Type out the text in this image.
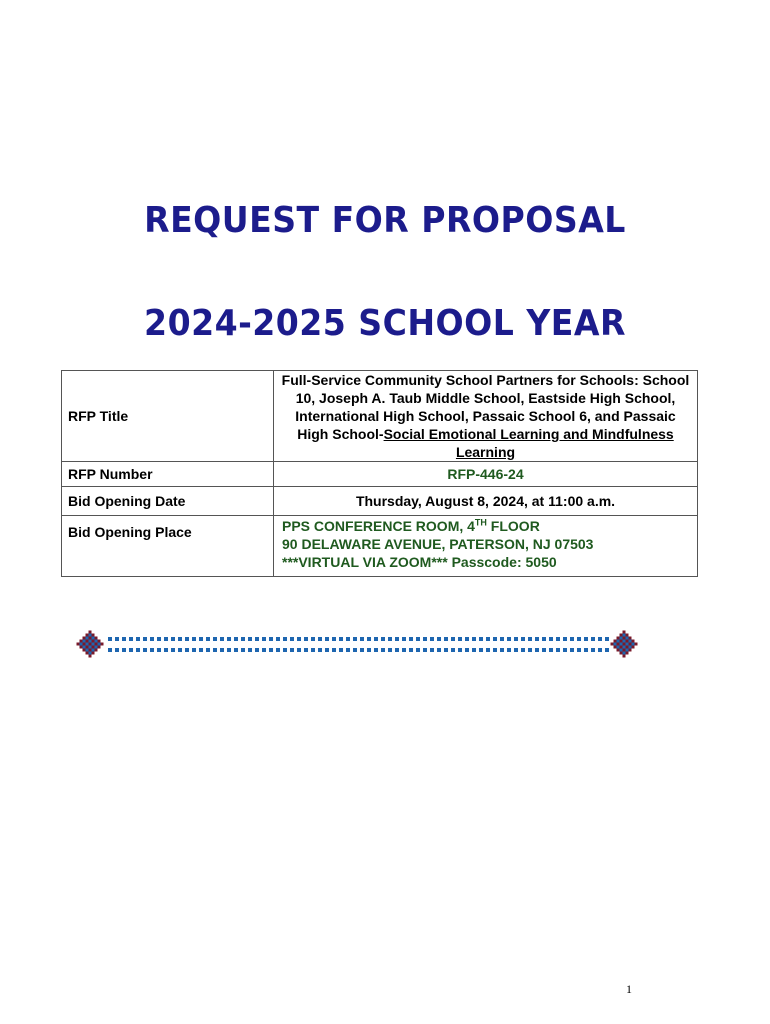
REQUEST FOR PROPOSAL
2024-2025 SCHOOL YEAR
RFP Title	Full-Service Community School Partners for Schools: School 10, Joseph A. Taub Middle School, Eastside High School, International High School, Passaic School 6, and Passaic High School-Social Emotional Learning and Mindfulness Learning
RFP Number	RFP-446-24
Bid Opening Date	Thursday, August 8, 2024, at 11:00 a.m.
Bid Opening Place	PPS CONFERENCE ROOM, 4TH FLOOR
90 DELAWARE AVENUE, PATERSON, NJ 07503
***VIRTUAL VIA ZOOM*** Passcode: 5050
1
